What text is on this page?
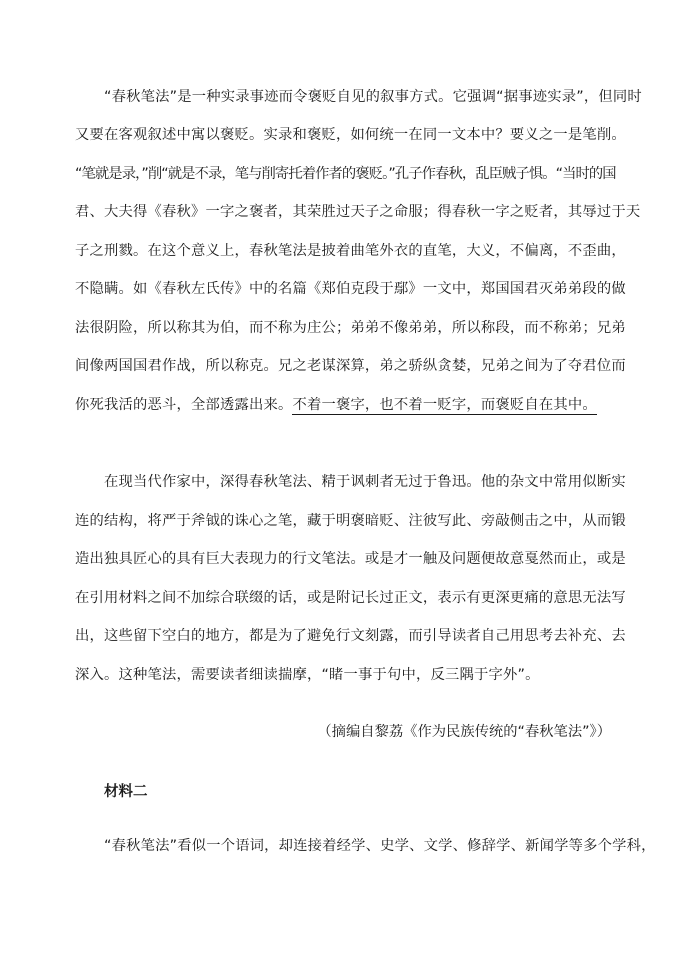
“春秋笔法”是一种实录事迹而令褒贬自见的叙事方式。它强调“据事迹实录”，但同时
又要在客观叙述中寓以褒贬。实录和褒贬，如何统一在同一文本中？要义之一是笔削。
“笔就是录，”削“就是不录，笔与削寄托着作者的褒贬。”孔子作春秋，乱臣贼子惧。“当时的国
君、大夫得《春秋》一字之褒者，其荣胜过天子之命服；得春秋一字之贬者，其辱过于天
子之刑戮。在这个意义上，春秋笔法是披着曲笔外衣的直笔，大义，不偏离，不歪曲，
不隐瞒。如《春秋左氏传》中的名篇《郑伯克段于鄢》一文中，郑国国君灭弟弟段的做
法很阴险，所以称其为伯，而不称为庄公；弟弟不像弟弟，所以称段，而不称弟；兄弟
间像两国国君作战，所以称克。兄之老谋深算，弟之骄纵贪婪，兄弟之间为了夺君位而
你死我活的恶斗，全部透露出来。不着一褒字，也不着一贬字，而褒贬自在其中。
在现当代作家中，深得春秋笔法、精于讽刺者无过于鲁迅。他的杂文中常用似断实
连的结构，将严于斧钺的诛心之笔，藏于明褒暗贬、注彼写此、旁敲侧击之中，从而锻
造出独具匠心的具有巨大表现力的行文笔法。或是才一触及问题便故意戛然而止，或是
在引用材料之间不加综合联缀的话，或是附记长过正文，表示有更深更痛的意思无法写
出，这些留下空白的地方，都是为了避免行文刻露，而引导读者自己用思考去补充、去
深入。这种笔法，需要读者细读揣摩，“睹一事于句中，反三隅于字外”。
（摘编自黎荔《作为民族传统的“春秋笔法”》）
材料二
“春秋笔法”看似一个语词，却连接着经学、史学、文学、修辞学、新闻学等多个学科，
